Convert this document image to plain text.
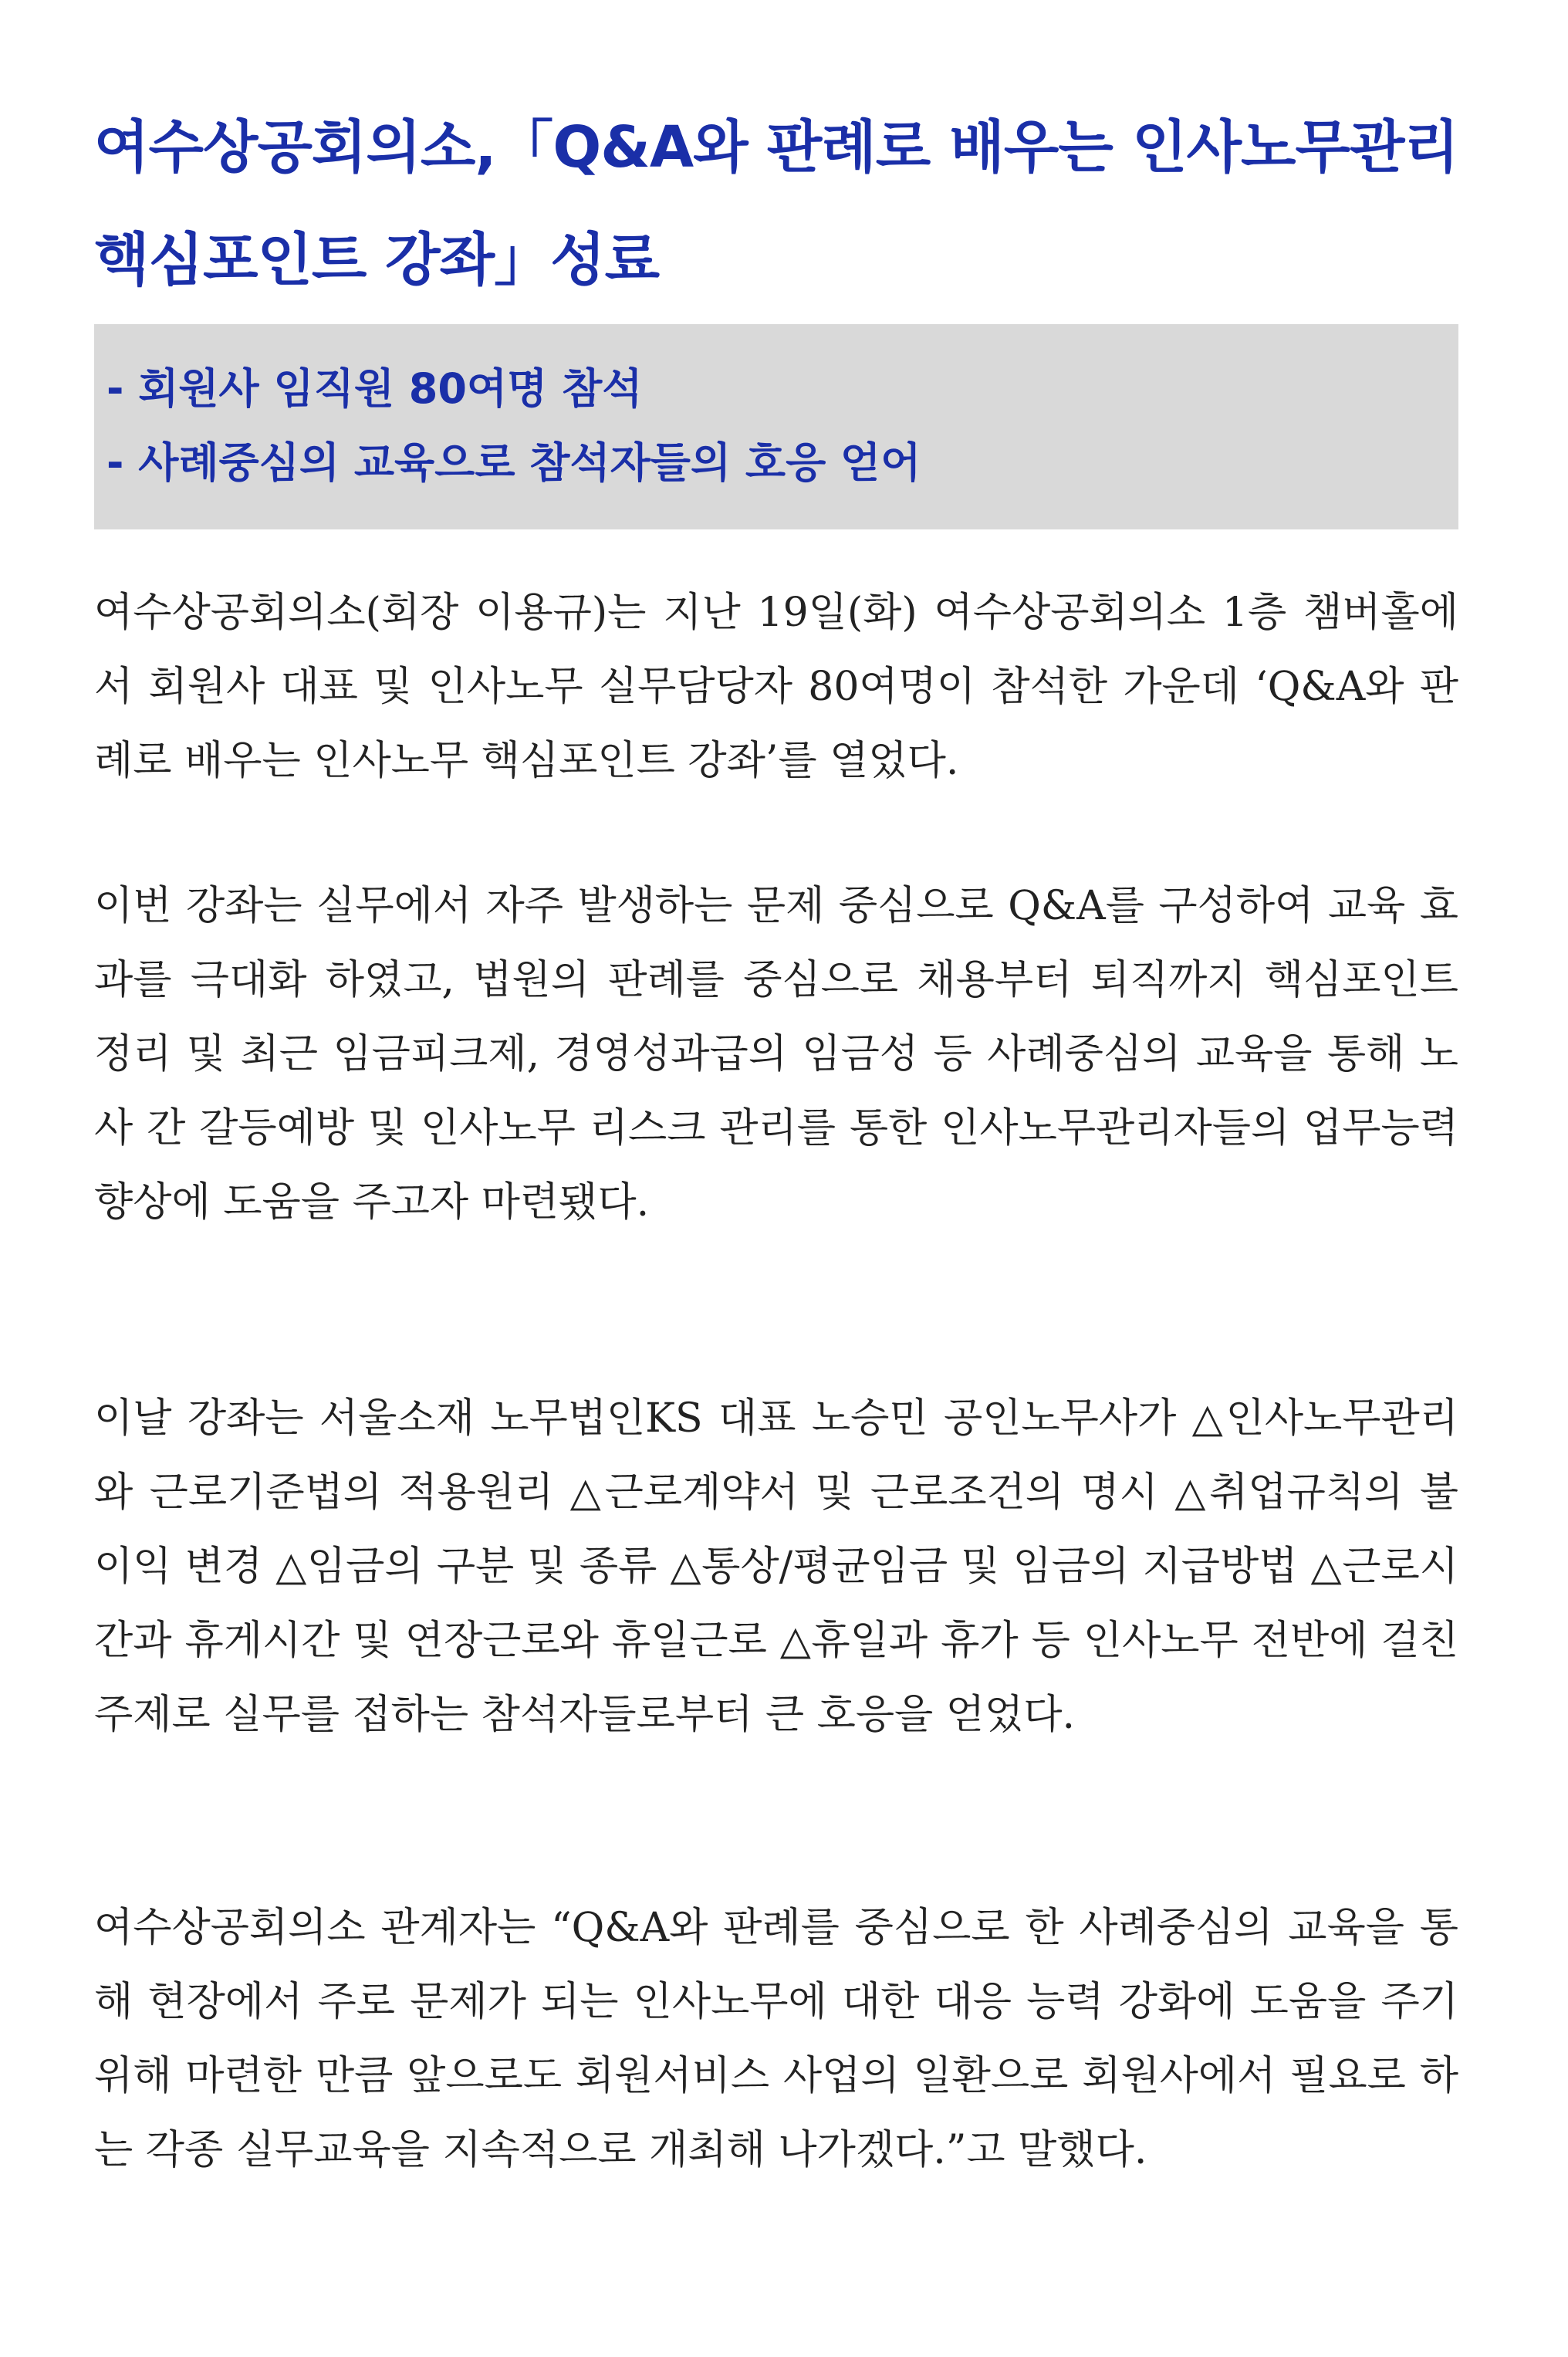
여수상공회의소,「Q&A와 판례로 배우는 인사노무관리 핵심포인트 강좌」성료
- 회원사 임직원 80여명 참석
- 사례중심의 교육으로 참석자들의 호응 얻어

여수상공회의소(회장 이용규)는 지난 19일(화) 여수상공회의소 1층 챔버홀에서 회원사 대표 및 인사노무 실무담당자 80여명이 참석한 가운데 ‘Q&A와 판례로 배우는 인사노무 핵심포인트 강좌’를 열었다.

이번 강좌는 실무에서 자주 발생하는 문제 중심으로 Q&A를 구성하여 교육 효과를 극대화 하였고, 법원의 판례를 중심으로 채용부터 퇴직까지 핵심포인트 정리 및 최근 임금피크제, 경영성과급의 임금성 등 사례중심의 교육을 통해 노사 간 갈등예방 및 인사노무 리스크 관리를 통한 인사노무관리자들의 업무능력 향상에 도움을 주고자 마련됐다.

이날 강좌는 서울소재 노무법인KS 대표 노승민 공인노무사가 △인사노무관리와 근로기준법의 적용원리 △근로계약서 및 근로조건의 명시 △취업규칙의 불이익 변경 △임금의 구분 및 종류 △통상/평균임금 및 임금의 지급방법 △근로시간과 휴게시간 및 연장근로와 휴일근로 △휴일과 휴가 등 인사노무 전반에 걸친 주제로 실무를 접하는 참석자들로부터 큰 호응을 얻었다.

여수상공회의소 관계자는 “Q&A와 판례를 중심으로 한 사례중심의 교육을 통해 현장에서 주로 문제가 되는 인사노무에 대한 대응 능력 강화에 도움을 주기 위해 마련한 만큼 앞으로도 회원서비스 사업의 일환으로 회원사에서 필요로 하는 각종 실무교육을 지속적으로 개최해 나가겠다.”고 말했다.
